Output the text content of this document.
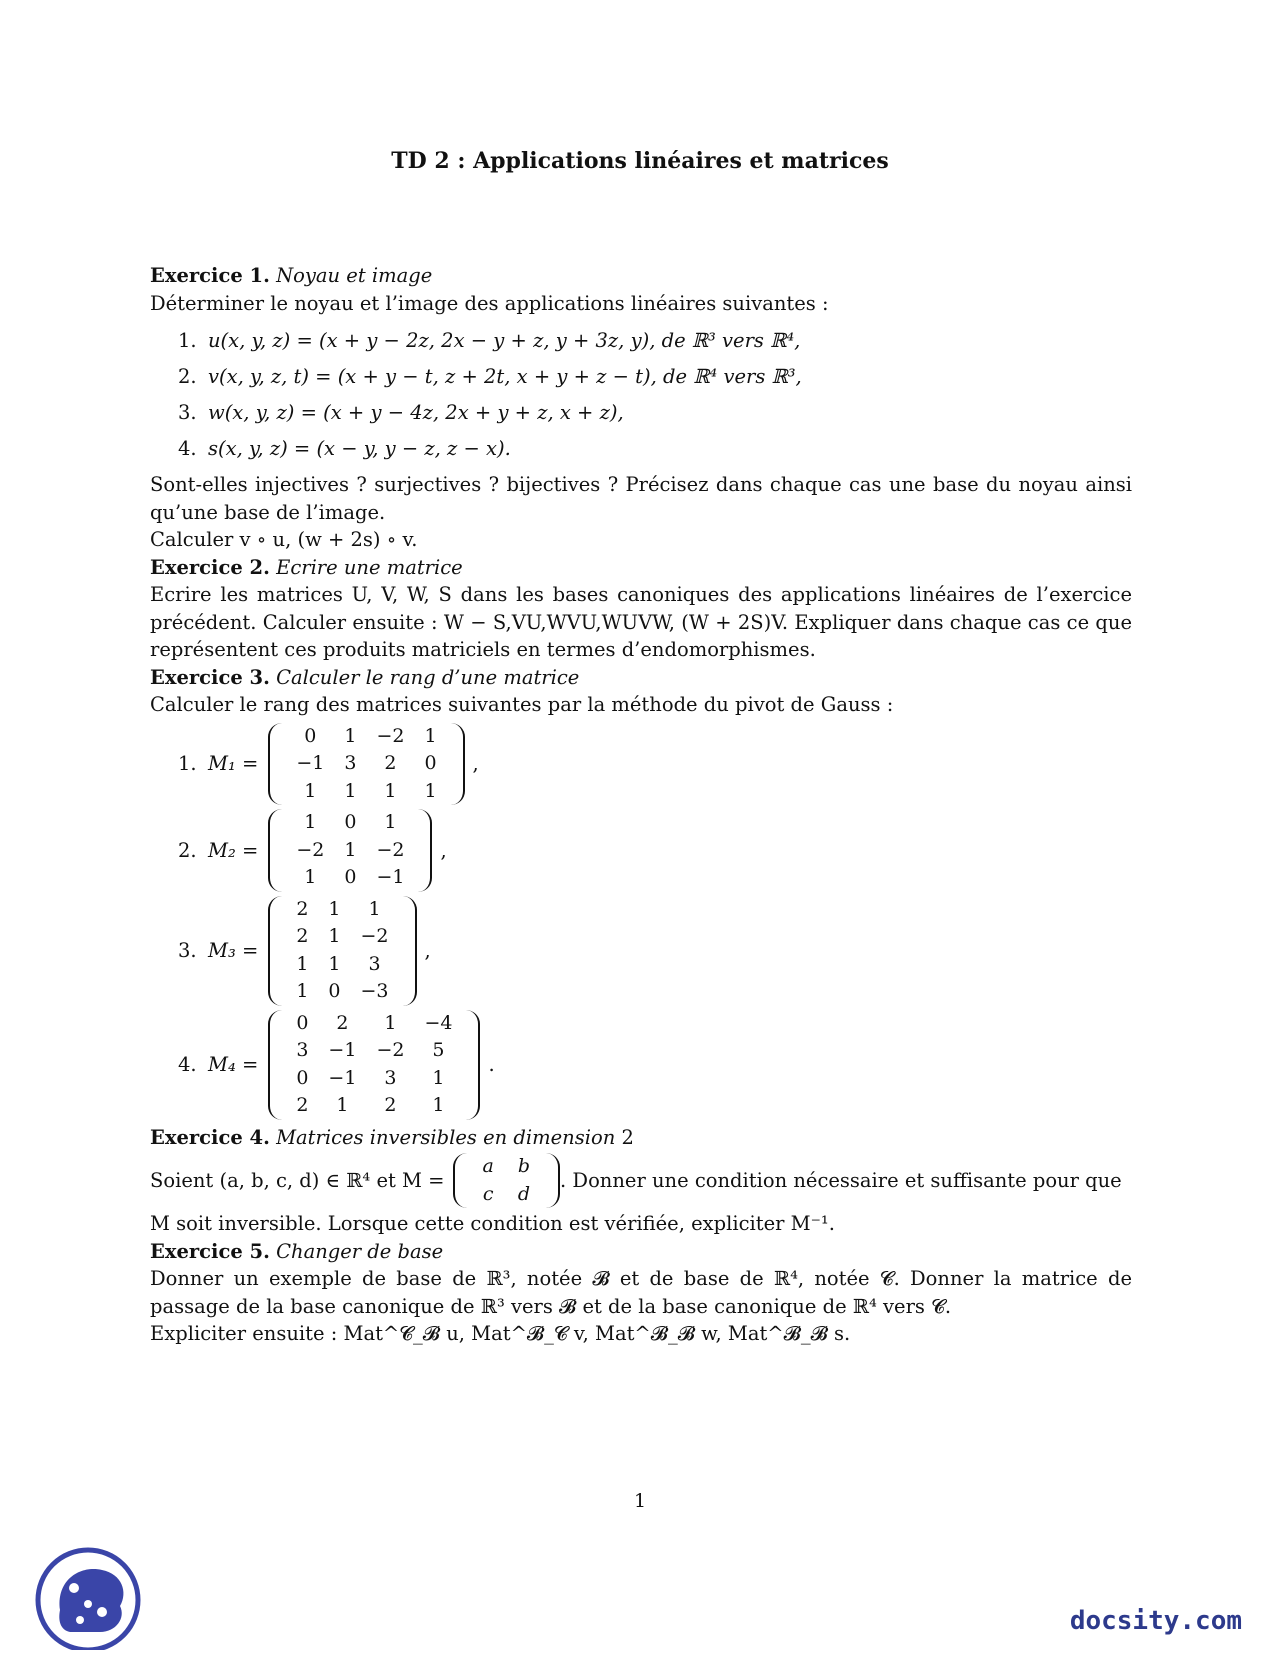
TD 2 : Applications linéaires et matrices

Exercice 1. Noyau et image

Déterminer le noyau et l’image des applications linéaires suivantes :

1. u(x, y, z) = (x + y − 2z, 2x − y + z, y + 3z, y), de ℝ³ vers ℝ⁴,
2. v(x, y, z, t) = (x + y − t, z + 2t, x + y + z − t), de ℝ⁴ vers ℝ³,
3. w(x, y, z) = (x + y − 4z, 2x + y + z, x + z),
4. s(x, y, z) = (x − y, y − z, z − x).

Sont-elles injectives ? surjectives ? bijectives ? Précisez dans chaque cas une base du noyau ainsi qu’une base de l’image.

Calculer v ∘ u, (w + 2s) ∘ v.

Exercice 2. Ecrire une matrice

Ecrire les matrices U, V, W, S dans les bases canoniques des applications linéaires de l’exercice précédent. Calculer ensuite : W − S,VU,WVU,WUVW, (W + 2S)V. Expliquer dans chaque cas ce que représentent ces produits matriciels en termes d’endomorphismes.

Exercice 3. Calculer le rang d’une matrice

Calculer le rang des matrices suivantes par la méthode du pivot de Gauss :

1. M₁ =
0	1	−2	1
−1	3	2	0
1	1	1	1
,
2. M₂ =
1	0	1
−2	1	−2
1	0	−1
,
3. M₃ =
2	1	1
2	1	−2
1	1	3
1	0	−3
,
4. M₄ =
0	2	1	−4
3	−1	−2	5
0	−1	3	1
2	1	2	1
.

Exercice 4. Matrices inversibles en dimension 2

Soient (a, b, c, d) ∈ ℝ⁴ et M =
a	b
c	d
. Donner une condition nécessaire et suffisante pour que

M soit inversible. Lorsque cette condition est vérifiée, expliciter M⁻¹.

Exercice 5. Changer de base

Donner un exemple de base de ℝ³, notée 𝓑 et de base de ℝ⁴, notée 𝓒. Donner la matrice de passage de la base canonique de ℝ³ vers 𝓑 et de la base canonique de ℝ⁴ vers 𝓒.

Expliciter ensuite : Mat^𝓒_𝓑 u, Mat^𝓑_𝓒 v, Mat^𝓑_𝓑 w, Mat^𝓑_𝓑 s.

1
docsity.com
